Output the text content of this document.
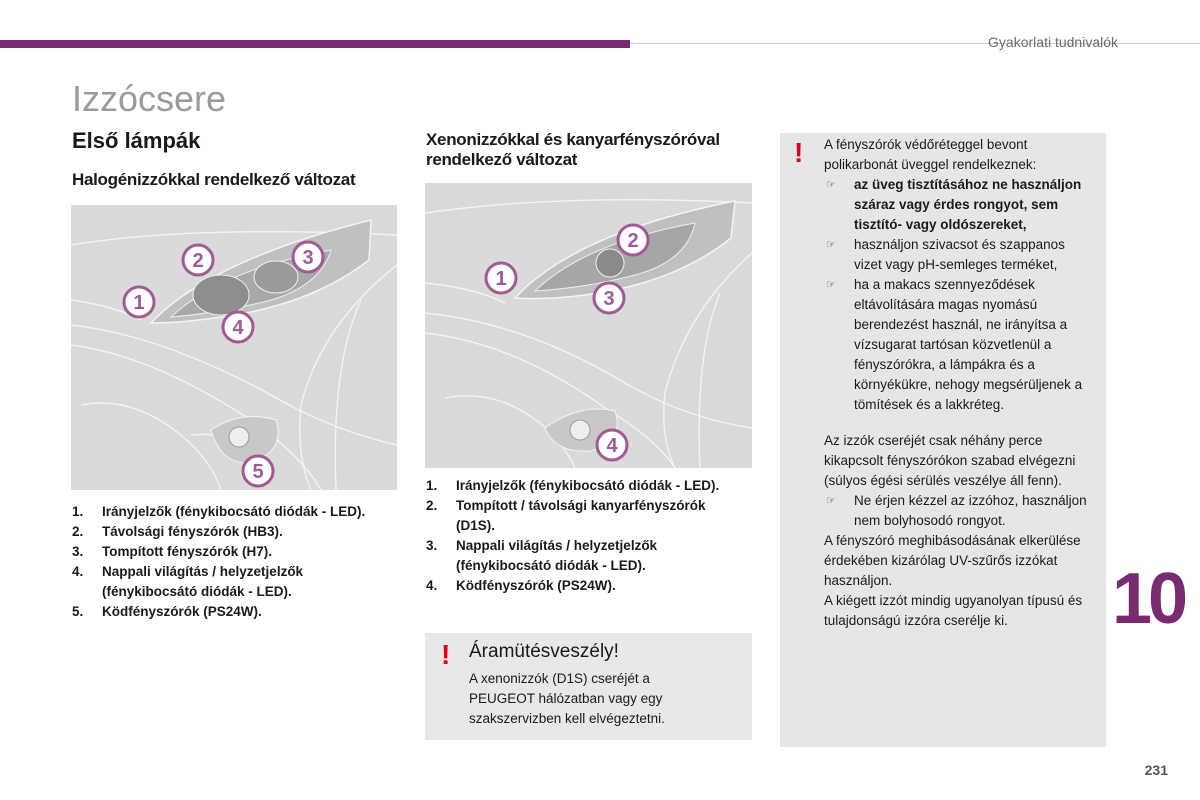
Gyakorlati tudnivalók
Izzócsere
Első lámpák
Halogénizzókkal rendelkező változat
2	3
1
4
5
1.	Irányjelzők (fénykibocsátó diódák - LED).
2.	Távolsági fényszórók (HB3).
3.	Tompított fényszórók (H7).
4.	Nappali világítás / helyzetjelzők (fénykibocsátó diódák - LED).
5.	Ködfényszórók (PS24W).
Xenonizzókkal és kanyarfényszóróval rendelkező változat
2
1
3
4
1.	Irányjelzők (fénykibocsátó diódák - LED).
2.	Tompított / távolsági kanyarfényszórók (D1S).
3.	Nappali világítás / helyzetjelzők (fénykibocsátó diódák - LED).
4.	Ködfényszórók (PS24W).
! Áramütésveszély!
A xenonizzók (D1S) cseréjét a PEUGEOT hálózatban vagy egy szakszervizben kell elvégeztetni.
! A fényszórók védőréteggel bevont polikarbonát üveggel rendelkeznek:

☞	az üveg tisztításához ne használjon száraz vagy érdes rongyot, sem tisztító- vagy oldószereket,
☞	használjon szivacsot és szappanos vizet vagy pH-semleges terméket,
☞	ha a makacs szennyeződések eltávolítására magas nyomású berendezést használ, ne irányítsa a vízsugarat tartósan közvetlenül a fényszórókra, a lámpákra és a környékükre, nehogy megsérüljenek a tömítések és a lakkréteg.

Az izzók cseréjét csak néhány perce kikapcsolt fényszórókon szabad elvégezni (súlyos égési sérülés veszélye áll fenn).

☞	Ne érjen kézzel az izzóhoz, használjon nem bolyhosodó rongyot.

A fényszóró meghibásodásának elkerülése érdekében kizárólag UV-szűrős izzókat használjon.

A kiégett izzót mindig ugyanolyan típusú és tulajdonságú izzóra cserélje ki.	10
231
